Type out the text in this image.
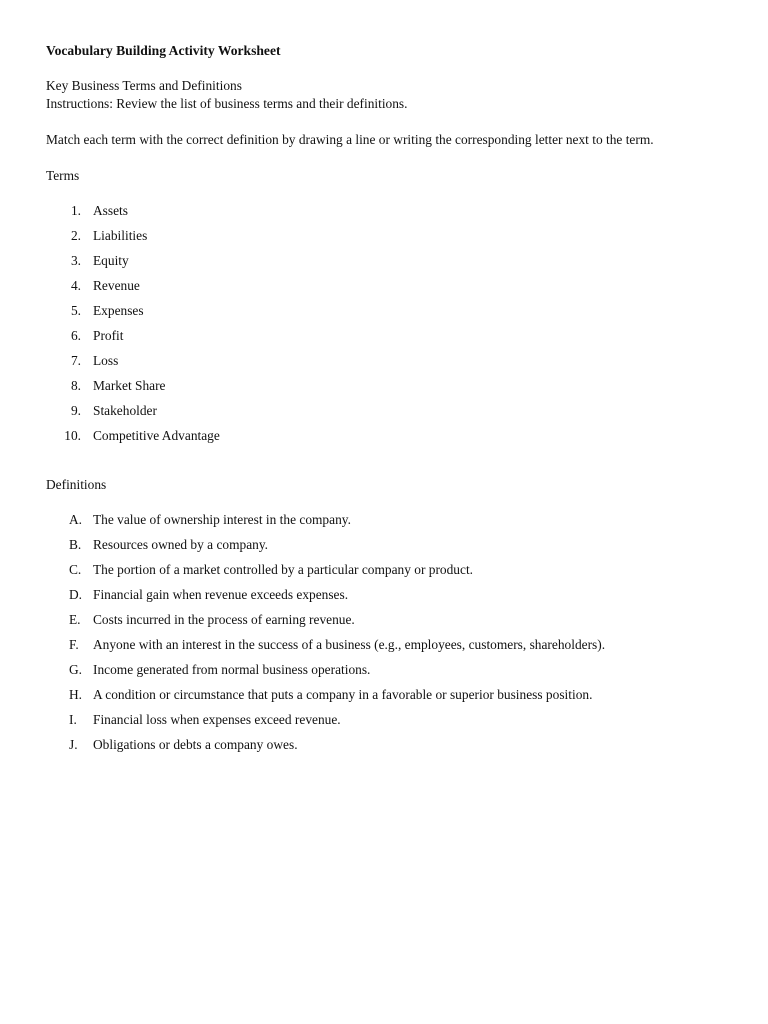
Vocabulary Building Activity Worksheet

Key Business Terms and Definitions

Instructions: Review the list of business terms and their definitions.

Match each term with the correct definition by drawing a line or writing the corresponding letter next to the term.

Terms

1. Assets
2. Liabilities
3. Equity
4. Revenue
5. Expenses
6. Profit
7. Loss
8. Market Share
9. Stakeholder
10. Competitive Advantage

Definitions

A. The value of ownership interest in the company.
B. Resources owned by a company.
C. The portion of a market controlled by a particular company or product.
D. Financial gain when revenue exceeds expenses.
E. Costs incurred in the process of earning revenue.
F.	Anyone with an interest in the success of a business (e.g., employees, customers, shareholders).
G. Income generated from normal business operations.
H. A condition or circumstance that puts a company in a favorable or superior business position.
I.	Financial loss when expenses exceed revenue.
J.	Obligations or debts a company owes.
